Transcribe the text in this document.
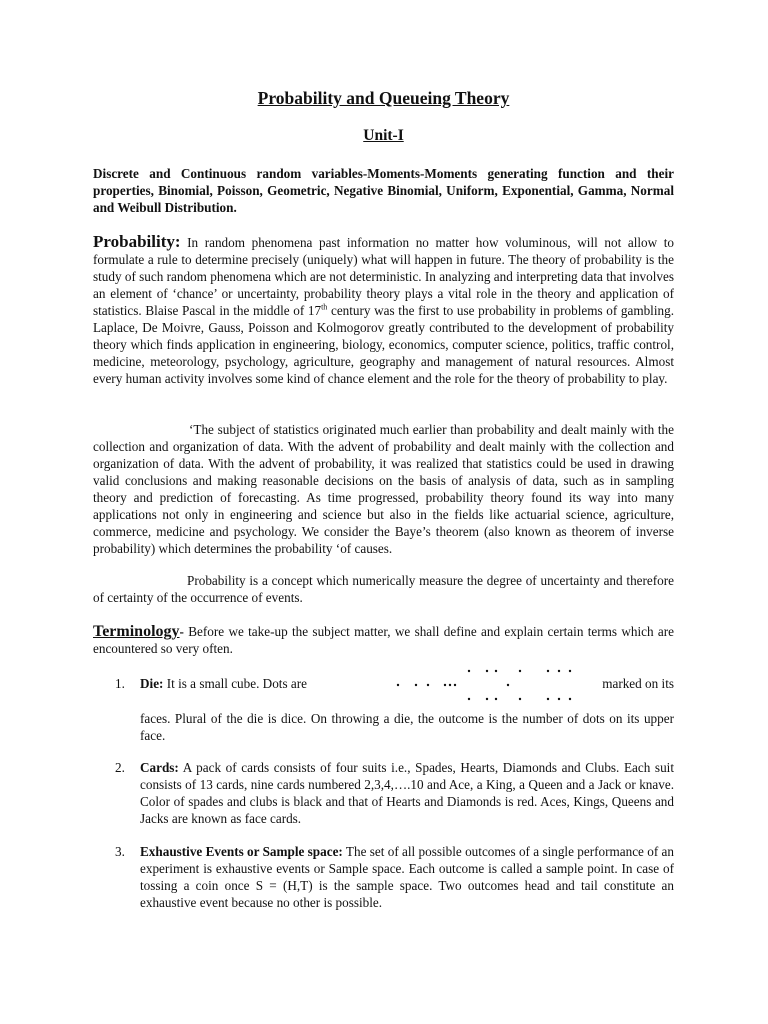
Probability and Queueing Theory
Unit-I

Discrete and Continuous random variables-Moments-Moments generating function and their properties, Binomial, Poisson, Geometric, Negative Binomial, Uniform, Exponential, Gamma, Normal and Weibull Distribution.

Probability: In random phenomena past information no matter how voluminous, will not allow to formulate a rule to determine precisely (uniquely) what will happen in future. The theory of probability is the study of such random phenomena which are not deterministic. In analyzing and interpreting data that involves an element of ‘chance’ or uncertainty, probability theory plays a vital role in the theory and application of statistics. Blaise Pascal in the middle of 17th century was the first to use probability in problems of gambling. Laplace, De Moivre, Gauss, Poisson and Kolmogorov greatly contributed to the development of probability theory which finds application in engineering, biology, economics, computer science, politics, traffic control, medicine, meteorology, psychology, agriculture, geography and management of natural resources. Almost every human activity involves some kind of chance element and the role for the theory of probability to play.

‘The subject of statistics originated much earlier than probability and dealt mainly with the collection and organization of data. With the advent of probability and dealt mainly with the collection and organization of data. With the advent of probability, it was realized that statistics could be used in drawing valid conclusions and making reasonable decisions on the basis of analysis of data, such as in sampling theory and prediction of forecasting. As time progressed, probability theory found its way into many applications not only in engineering and science but also in the fields like actuarial science, agriculture, commerce, medicine and psychology. We consider the Baye’s theorem (also known as theorem of inverse probability) which determines the probability ‘of causes.

Probability is a concept which numerically measure the degree of uncertainty and therefore of certainty of the occurrence of events.

Terminology- Before we take-up the subject matter, we shall define and explain certain terms which are encountered so very often.

1. Die: It is a small cube. Dots are	marked on its

faces. Plural of the die is dice. On throwing a die, the outcome is the number of dots on its upper face.

2. Cards: A pack of cards consists of four suits i.e., Spades, Hearts, Diamonds and Clubs. Each suit consists of 13 cards, nine cards numbered 2,3,4,….10 and Ace, a King, a Queen and a Jack or knave. Color of spades and clubs is black and that of Hearts and Diamonds is red. Aces, Kings, Queens and Jacks are known as face cards.

3. Exhaustive Events or Sample space: The set of all possible outcomes of a single performance of an experiment is exhaustive events or Sample space. Each outcome is called a sample point. In case of tossing a coin once S = (H,T) is the sample space. Two outcomes head and tail constitute an exhaustive event because no other is possible.
